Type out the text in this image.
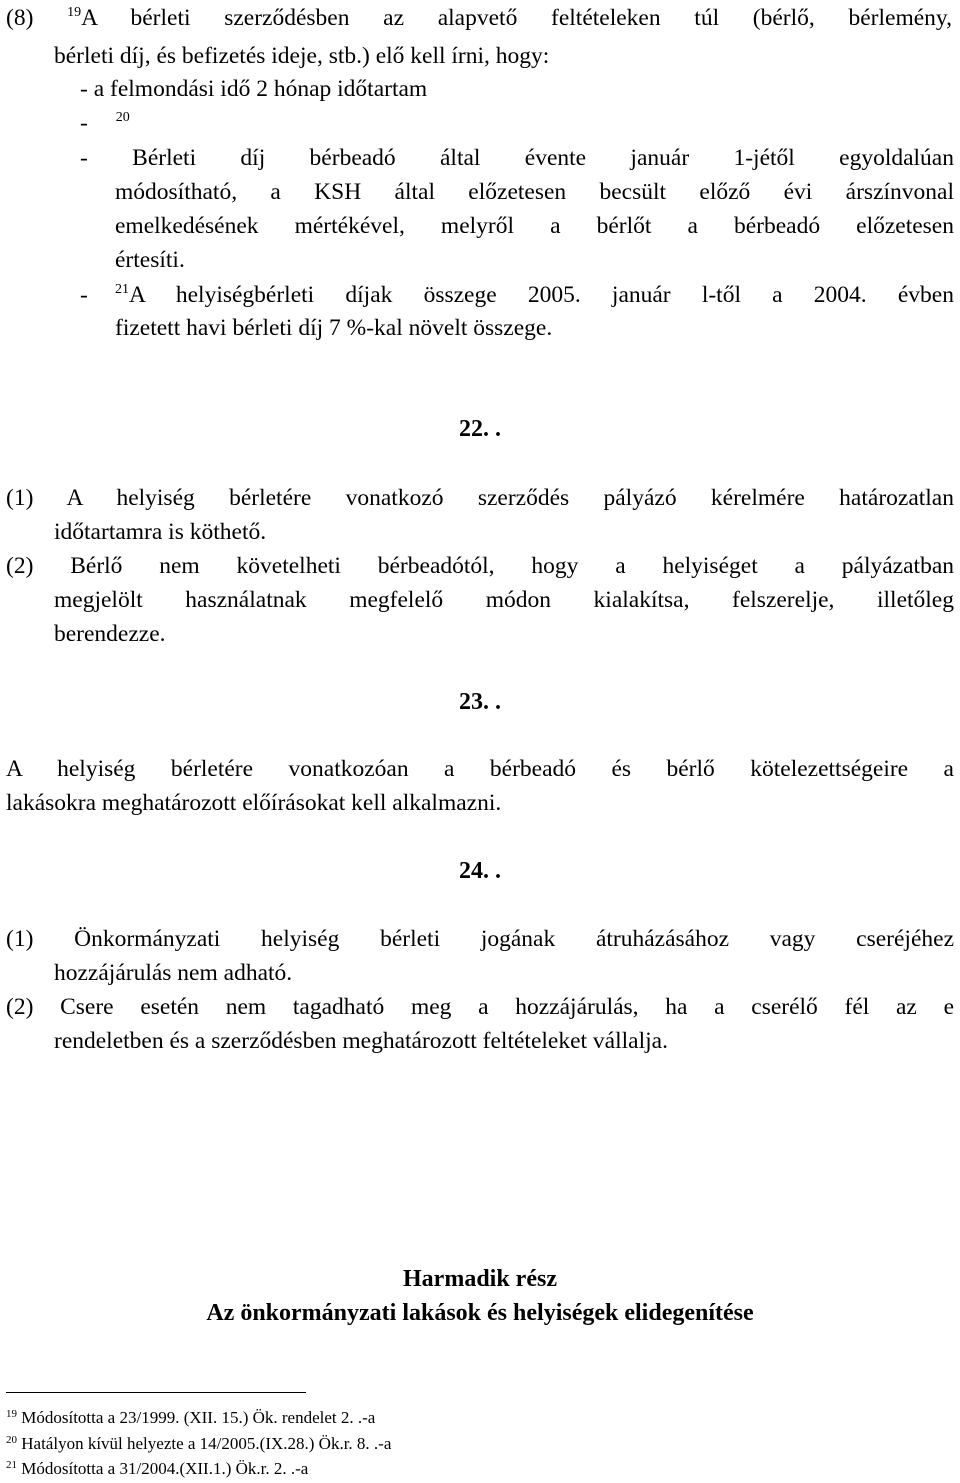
(8) $^{19}$A bérleti szerződésben az alapvető feltételeken túl (bérlő, bérlemény,
bérleti díj, és befizetés ideje, stb.) elő kell írni, hogy:
- a felmondási idő 2 hónap időtartam
- $^{20}$
- Bérleti díj bérbeadó által évente január 1-jétől egyoldalúan
módosítható, a KSH által előzetesen becsült előző évi árszínvonal
emelkedésének mértékével, melyről a bérlőt a bérbeadó előzetesen
értesíti.
- $^{21}$A helyiségbérleti díjak összege 2005. január l-től a 2004. évben
fizetett havi bérleti díj 7 %-kal növelt összege.
22. .
(1) A helyiség bérletére vonatkozó szerződés pályázó kérelmére határozatlan
időtartamra is köthető.
(2) Bérlő nem követelheti bérbeadótól, hogy a helyiséget a pályázatban
megjelölt használatnak megfelelő módon kialakítsa, felszerelje, illetőleg
berendezze.
23. .
A helyiség bérletére vonatkozóan a bérbeadó és bérlő kötelezettségeire a
lakásokra meghatározott előírásokat kell alkalmazni.
24. .
(1) Önkormányzati helyiség bérleti jogának átruházásához vagy cseréjéhez
hozzájárulás nem adható.
(2) Csere esetén nem tagadható meg a hozzájárulás, ha a cserélő fél az e
rendeletben és a szerződésben meghatározott feltételeket vállalja.
Harmadik rész
Az önkormányzati lakások és helyiségek elidegenítése
$^{19}$ Módosította a 23/1999. (XII. 15.) Ök. rendelet 2. .-a
$^{20}$ Hatályon kívül helyezte a 14/2005.(IX.28.) Ök.r. 8. .-a
$^{21}$ Módosította a 31/2004.(XII.1.) Ök.r. 2. .-a
